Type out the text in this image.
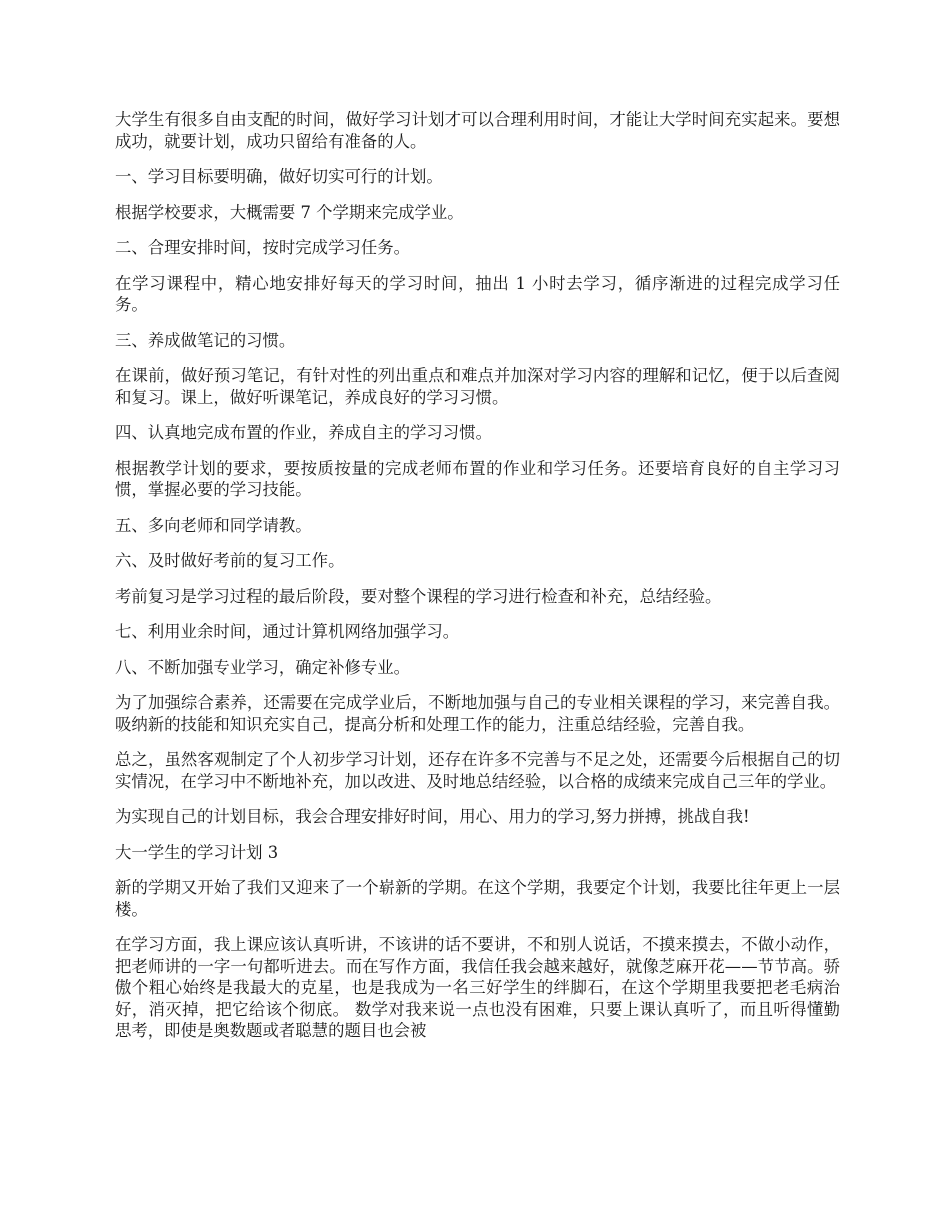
大学生有很多自由支配的时间，做好学习计划才可以合理利用时间，才能让大学时间充实起来。要想成功，就要计划，成功只留给有准备的人。

一、学习目标要明确，做好切实可行的计划。

根据学校要求，大概需要 7 个学期来完成学业。

二、合理安排时间，按时完成学习任务。

在学习课程中，精心地安排好每天的学习时间，抽出 1 小时去学习，循序渐进的过程完成学习任务。

三、养成做笔记的习惯。

在课前，做好预习笔记，有针对性的列出重点和难点并加深对学习内容的理解和记忆，便于以后查阅和复习。课上，做好听课笔记，养成良好的学习习惯。

四、认真地完成布置的作业，养成自主的学习习惯。

根据教学计划的要求，要按质按量的完成老师布置的作业和学习任务。还要培育良好的自主学习习惯，掌握必要的学习技能。

五、多向老师和同学请教。

六、及时做好考前的复习工作。

考前复习是学习过程的最后阶段，要对整个课程的学习进行检查和补充，总结经验。

七、利用业余时间，通过计算机网络加强学习。

八、不断加强专业学习，确定补修专业。

为了加强综合素养，还需要在完成学业后，不断地加强与自己的专业相关课程的学习，来完善自我。吸纳新的技能和知识充实自己，提高分析和处理工作的能力，注重总结经验，完善自我。

总之，虽然客观制定了个人初步学习计划，还存在许多不完善与不足之处，还需要今后根据自己的切实情况，在学习中不断地补充，加以改进、及时地总结经验，以合格的成绩来完成自己三年的学业。

为实现自己的计划目标，我会合理安排好时间，用心、用力的学习,努力拼搏，挑战自我!

大一学生的学习计划 3

新的学期又开始了我们又迎来了一个崭新的学期。在这个学期，我要定个计划，我要比往年更上一层楼。

在学习方面，我上课应该认真听讲，不该讲的话不要讲，不和别人说话，不摸来摸去，不做小动作，把老师讲的一字一句都听进去。而在写作方面，我信任我会越来越好，就像芝麻开花——节节高。骄傲个粗心始终是我最大的克星，也是我成为一名三好学生的绊脚石，在这个学期里我要把老毛病治好，消灭掉，把它给该个彻底。 数学对我来说一点也没有困难，只要上课认真听了，而且听得懂勤思考，即使是奥数题或者聪慧的题目也会被
